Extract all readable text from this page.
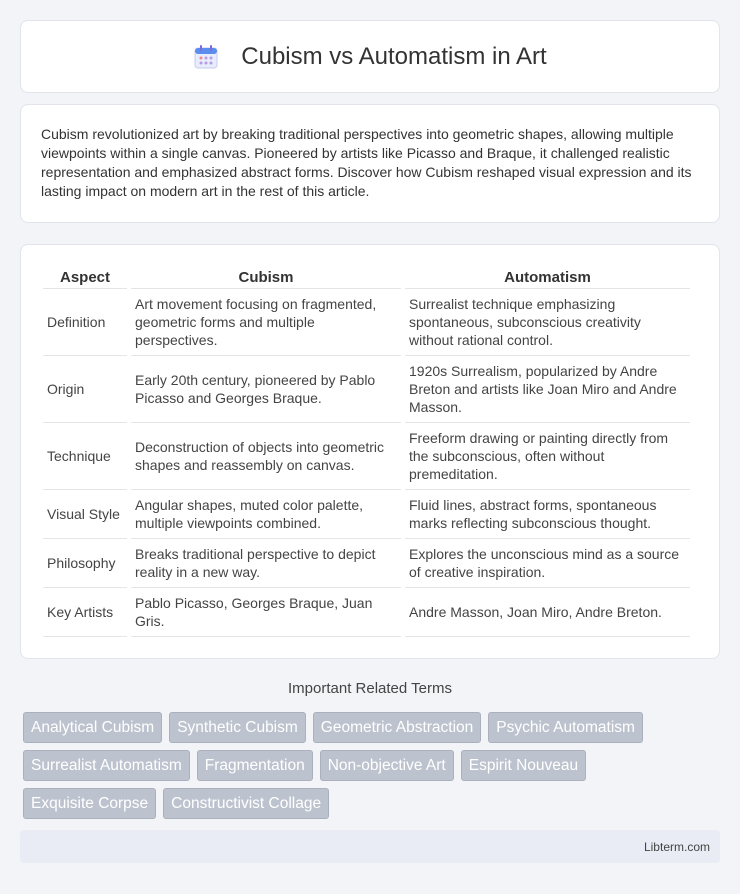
Cubism vs Automatism in Art

Cubism revolutionized art by breaking traditional perspectives into geometric shapes, allowing multiple viewpoints within a single canvas. Pioneered by artists like Picasso and Braque, it challenged realistic representation and emphasized abstract forms. Discover how Cubism reshaped visual expression and its lasting impact on modern art in the rest of this article.

Aspect	Cubism	Automatism
Definition	Art movement focusing on fragmented, geometric forms and multiple perspectives.	Surrealist technique emphasizing spontaneous, subconscious creativity without rational control.
Origin	Early 20th century, pioneered by Pablo Picasso and Georges Braque.	1920s Surrealism, popularized by Andre Breton and artists like Joan Miro and Andre Masson.
Technique	Deconstruction of objects into geometric shapes and reassembly on canvas.	Freeform drawing or painting directly from the subconscious, often without premeditation.
Visual Style	Angular shapes, muted color palette, multiple viewpoints combined.	Fluid lines, abstract forms, spontaneous marks reflecting subconscious thought.
Philosophy	Breaks traditional perspective to depict reality in a new way.	Explores the unconscious mind as a source of creative inspiration.
Key Artists	Pablo Picasso, Georges Braque, Juan Gris.	Andre Masson, Joan Miro, Andre Breton.
Important Related Terms
Analytical Cubism	Synthetic Cubism	Geometric Abstraction	Psychic Automatism
Surrealist Automatism	Fragmentation	Non-objective Art	Espirit Nouveau
Exquisite Corpse	Constructivist Collage
Libterm.com
